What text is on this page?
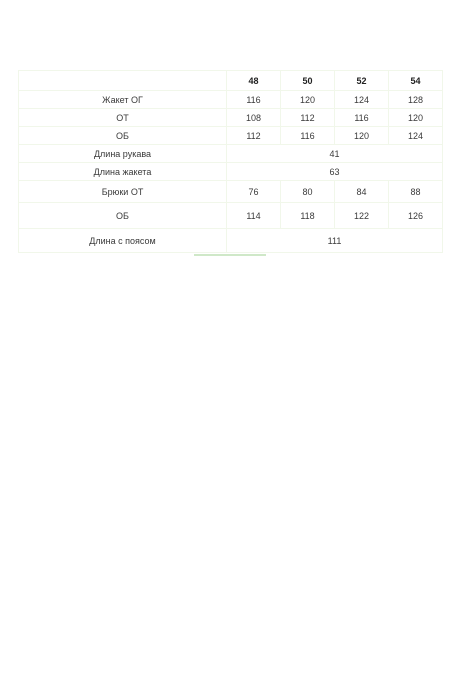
	48	50	52	54
Жакет ОГ	116	120	124	128
ОТ	108	112	116	120
ОБ	112	116	120	124
Длина рукава	41			
Длина жакета	63			
Брюки ОТ	76	80	84	88
ОБ	114	118	122	126
Длина с поясом	111			
